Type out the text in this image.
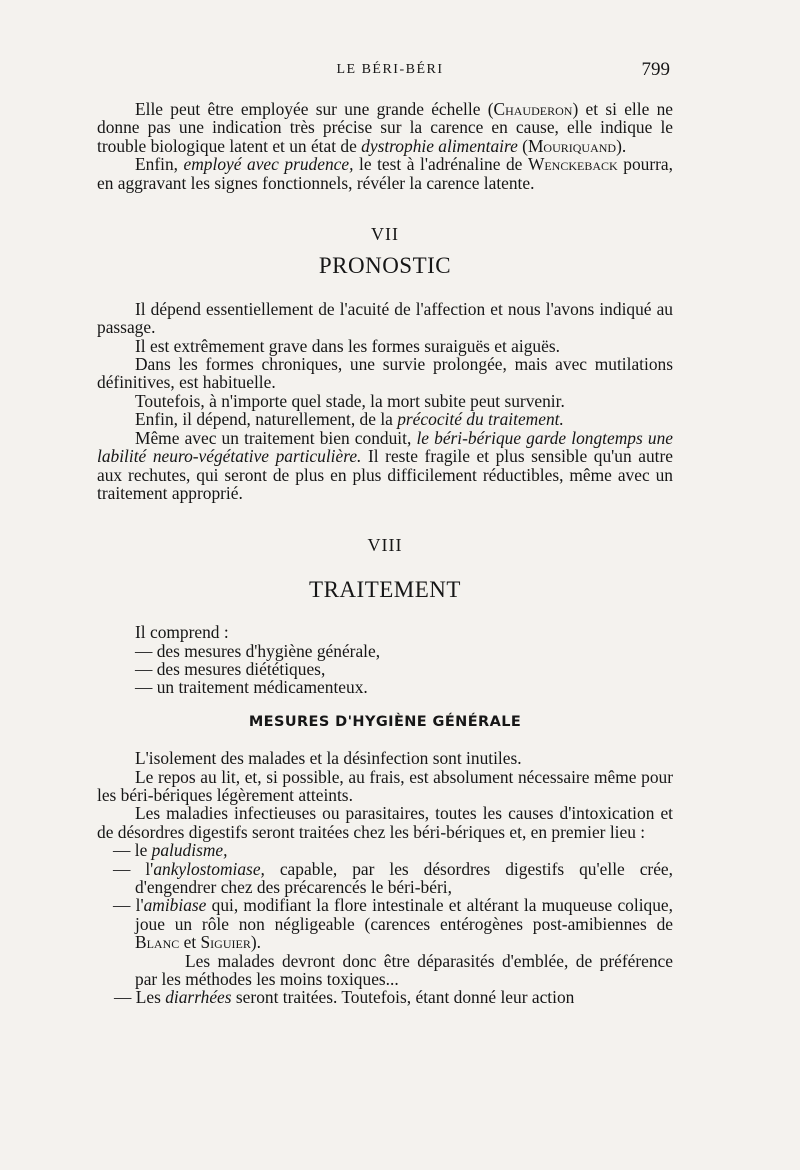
LE BÉRI-BÉRI	799

Elle peut être employée sur une grande échelle (Chauderon) et si elle ne donne pas une indication très précise sur la carence en cause, elle indique le trouble biologique latent et un état de dystrophie alimentaire (Mouriquand).

Enfin, employé avec prudence, le test à l'adrénaline de Wenckeback pourra, en aggravant les signes fonctionnels, révéler la carence latente.

VII
PRONOSTIC

Il dépend essentiellement de l'acuité de l'affection et nous l'avons indiqué au passage.

Il est extrêmement grave dans les formes suraiguës et aiguës.

Dans les formes chroniques, une survie prolongée, mais avec mutilations définitives, est habituelle.

Toutefois, à n'importe quel stade, la mort subite peut survenir.

Enfin, il dépend, naturellement, de la précocité du traitement.

Même avec un traitement bien conduit, le béri-bérique garde longtemps une labilité neuro-végétative particulière. Il reste fragile et plus sensible qu'un autre aux rechutes, qui seront de plus en plus difficilement réductibles, même avec un traitement approprié.

VIII
TRAITEMENT

Il comprend :

— des mesures d'hygiène générale,

— des mesures diététiques,

— un traitement médicamenteux.

MESURES D'HYGIÈNE GÉNÉRALE

L'isolement des malades et la désinfection sont inutiles.

Le repos au lit, et, si possible, au frais, est absolument nécessaire même pour les béri-bériques légèrement atteints.

Les maladies infectieuses ou parasitaires, toutes les causes d'intoxication et de désordres digestifs seront traitées chez les béri-bériques et, en premier lieu :

— le paludisme,

— l'ankylostomiase, capable, par les désordres digestifs qu'elle crée, d'engendrer chez des précarencés le béri-béri,

— l'amibiase qui, modifiant la flore intestinale et altérant la muqueuse colique, joue un rôle non négligeable (carences entérogènes post-amibiennes de Blanc et Siguier).

Les malades devront donc être déparasités d'emblée, de préférence par les méthodes les moins toxiques...

— Les diarrhées seront traitées. Toutefois, étant donné leur action
